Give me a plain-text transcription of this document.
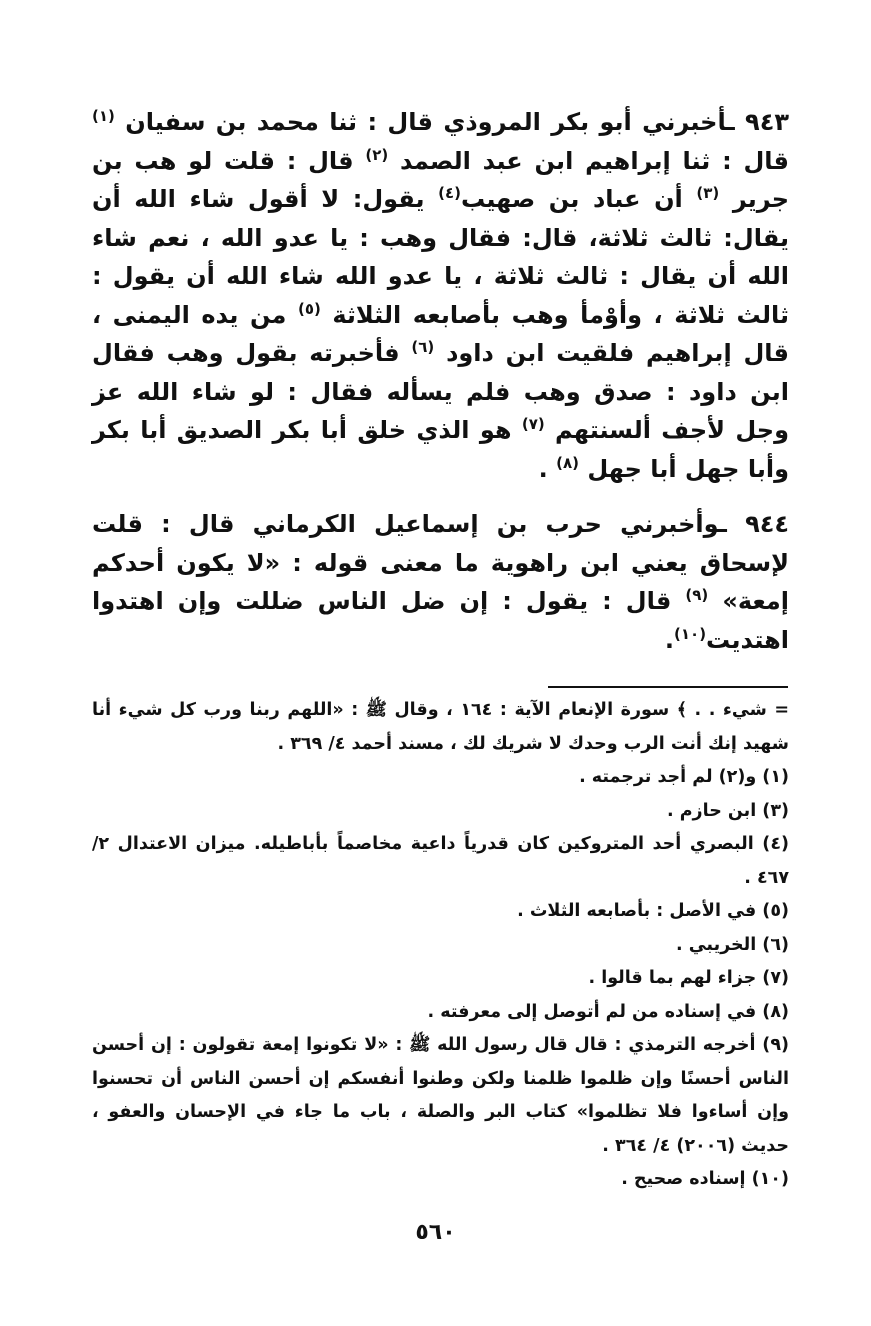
٩٤٣ ـأخبرني أبو بكر المروذي قال : ثنا محمد بن سفيان $^{(١)}$ قال : ثنا إبراهيم ابن عبد الصمد $^{(٢)}$ قال : قلت لو هب بن جرير $^{(٣)}$ أن عباد بن صهيب$^{(٤)}$ يقول: لا أقول شاء الله أن يقال: ثالث ثلاثة، قال: فقال وهب : يا عدو الله ، نعم شاء الله أن يقال : ثالث ثلاثة ، يا عدو الله شاء الله أن يقول : ثالث ثلاثة ، وأوْمأ وهب بأصابعه الثلاثة $^{(٥)}$ من يده اليمنى ، قال إبراهيم فلقيت ابن داود $^{(٦)}$ فأخبرته بقول وهب فقال ابن داود : صدق وهب فلم يسأله فقال : لو شاء الله عز وجل لأجف ألسنتهم $^{(٧)}$ هو الذي خلق أبا بكر الصديق أبا بكر وأبا جهل أبا جهل $^{(٨)}$ .
٩٤٤ ـوأخبرني حرب بن إسماعيل الكرماني قال : قلت لإسحاق يعني ابن راهوية ما معنى قوله : «لا يكون أحدكم إمعة» $^{(٩)}$ قال : يقول : إن ضل الناس ضللت وإن اهتدوا اهتديت$^{(١٠)}$.

= شيء . . ﴾ سورة الإنعام الآية : ١٦٤ ، وقال ﷺ : «اللهم ربنا ورب كل شيء أنا شهيد إنك أنت الرب وحدك لا شريك لك ، مسند أحمد ٤/ ٣٦٩ .

(١) و(٢) لم أجد ترجمته .

(٣) ابن حازم .

(٤) البصري أحد المتروكين كان قدرياً داعية مخاصماً بأباطيله. ميزان الاعتدال ٢/ ٤٦٧ .

(٥) في الأصل : بأصابعه الثلاث .

(٦) الخريبي .

(٧) جزاء لهم بما قالوا .

(٨) في إسناده من لم أتوصل إلى معرفته .

(٩) أخرجه الترمذي : قال قال رسول الله ﷺ : «لا تكونوا إمعة تقولون : إن أحسن الناس أحسنًا وإن ظلموا ظلمنا ولكن وطنوا أنفسكم إن أحسن الناس أن تحسنوا وإن أساءوا فلا تظلموا» كتاب البر والصلة ، باب ما جاء في الإحسان والعفو ، حديث (٢٠٠٦) ٤/ ٣٦٤ .

(١٠) إسناده صحيح .

٥٦٠
